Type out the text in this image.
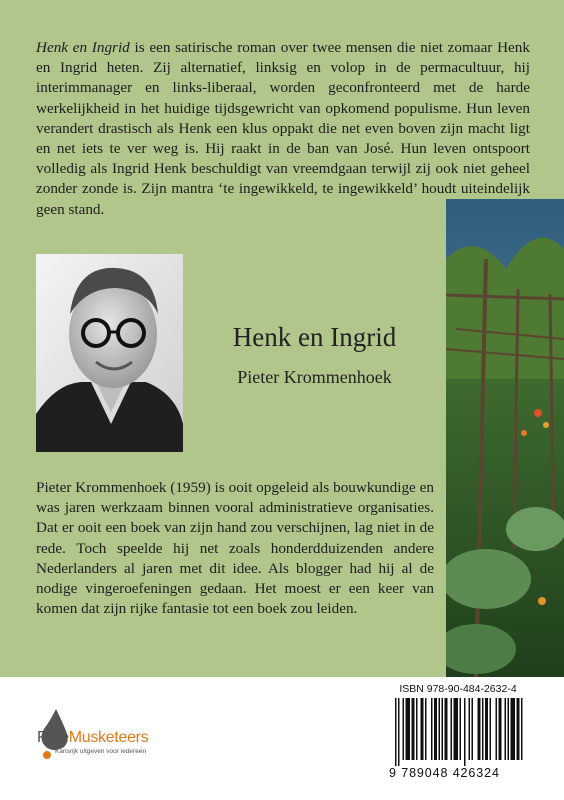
Henk en Ingrid is een satirische roman over twee mensen die niet zomaar Henk en Ingrid heten. Zij alternatief, linksig en volop in de permacultuur, hij interimmanager en links-liberaal, worden geconfronteerd met de harde werkelijkheid in het huidige tijdsgewricht van opkomend populisme. Hun leven verandert drastisch als Henk een klus oppakt die net even boven zijn macht ligt en net iets te ver weg is. Hij raakt in de ban van José. Hun leven ontspoort volledig als Ingrid Henk beschuldigt van vreemdgaan terwijl zij ook niet geheel zonder zonde is. Zijn mantra ‘te ingewikkeld, te ingewikkeld’ houdt uiteindelijk geen stand.

Henk en Ingrid
Pieter Krommenhoek

Pieter Krommenhoek (1959) is ooit opgeleid als bouwkundige en was jaren werkzaam binnen vooral administratieve organisaties. Dat er ooit een boek van zijn hand zou verschijnen, lag niet in de rede. Toch speelde hij net zoals honderdduizenden andere Nederlanders al jaren met dit idee. Als blogger had hij al de nodige vingeroefeningen gedaan. Het moest er een keer van komen dat zijn rijke fantasie tot een boek zou leiden.

FreeMusketeers
Kansrijk uitgeven voor iedereen
ISBN 978-90-484-2632-4
9 789048 426324
